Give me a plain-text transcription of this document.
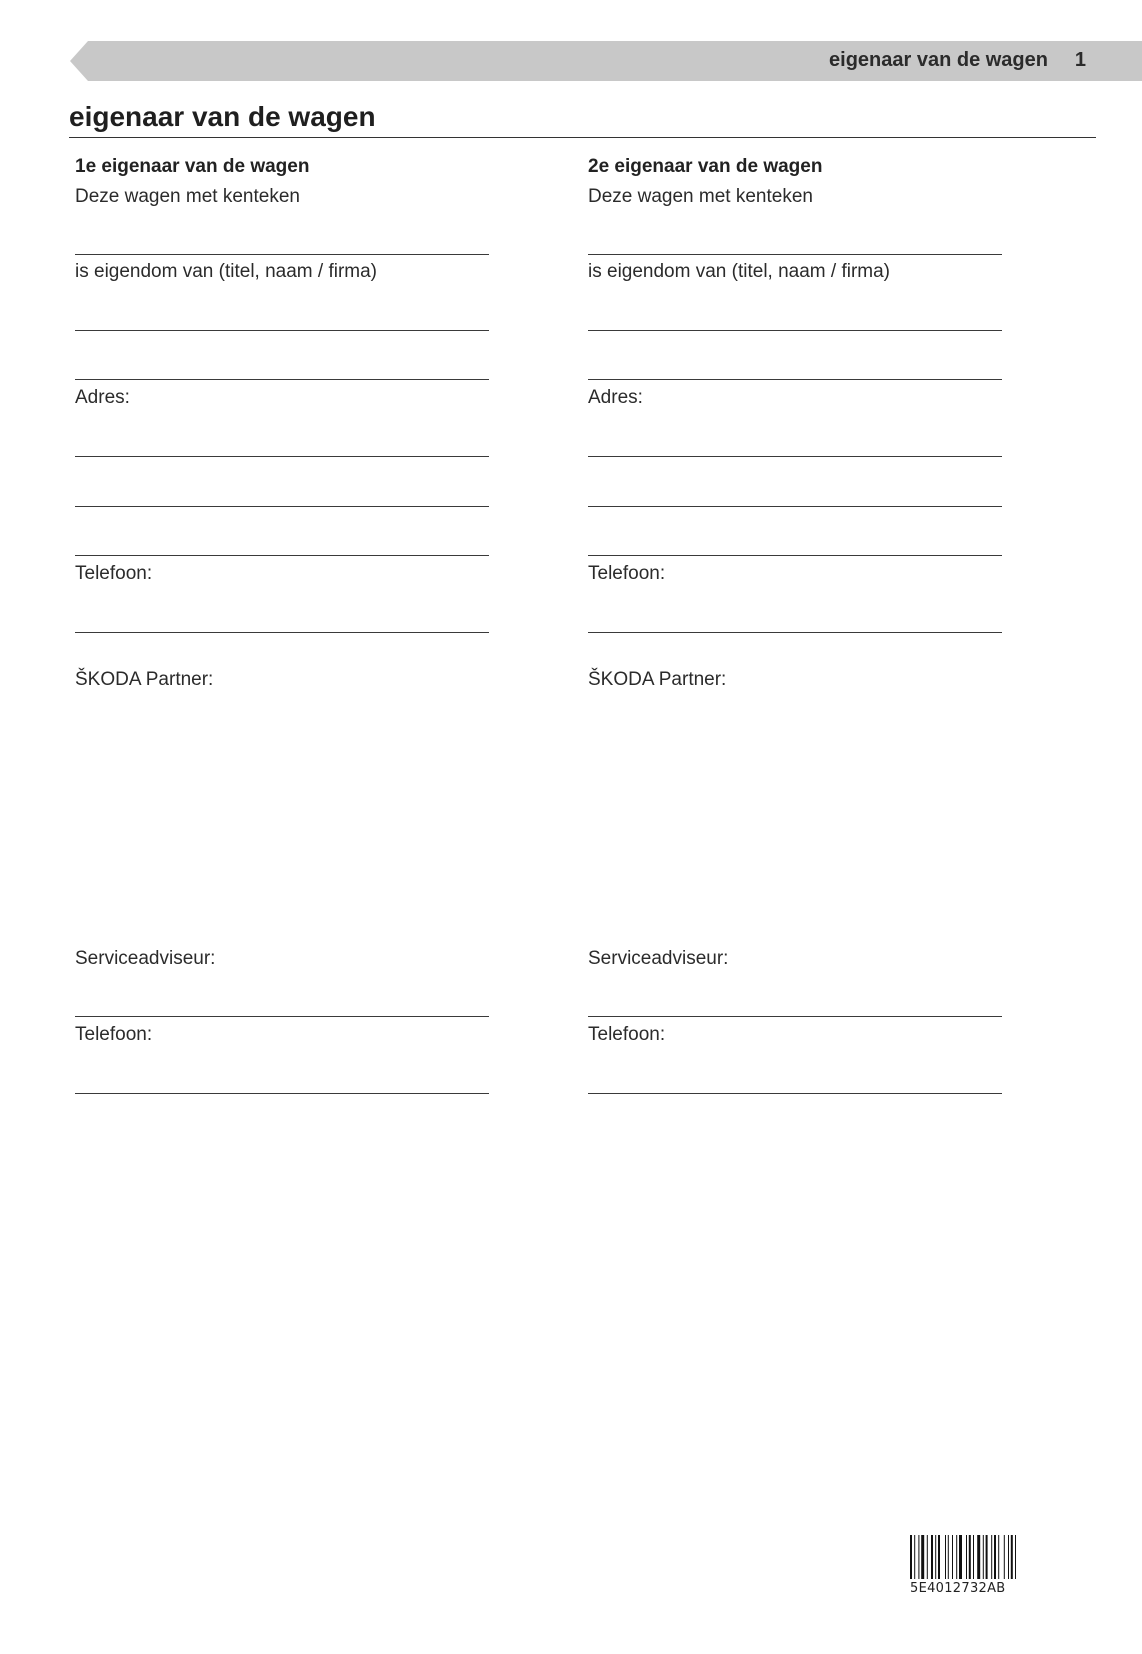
eigenaar van de wagen 1
eigenaar van de wagen
1e eigenaar van de wagen
Deze wagen met kenteken
is eigendom van (titel, naam / firma)
Adres:
Telefoon:
ŠKODA Partner:
Serviceadviseur:
Telefoon:
2e eigenaar van de wagen
Deze wagen met kenteken
is eigendom van (titel, naam / firma)
Adres:
Telefoon:
ŠKODA Partner:
Serviceadviseur:
Telefoon:
5E4012732AB
